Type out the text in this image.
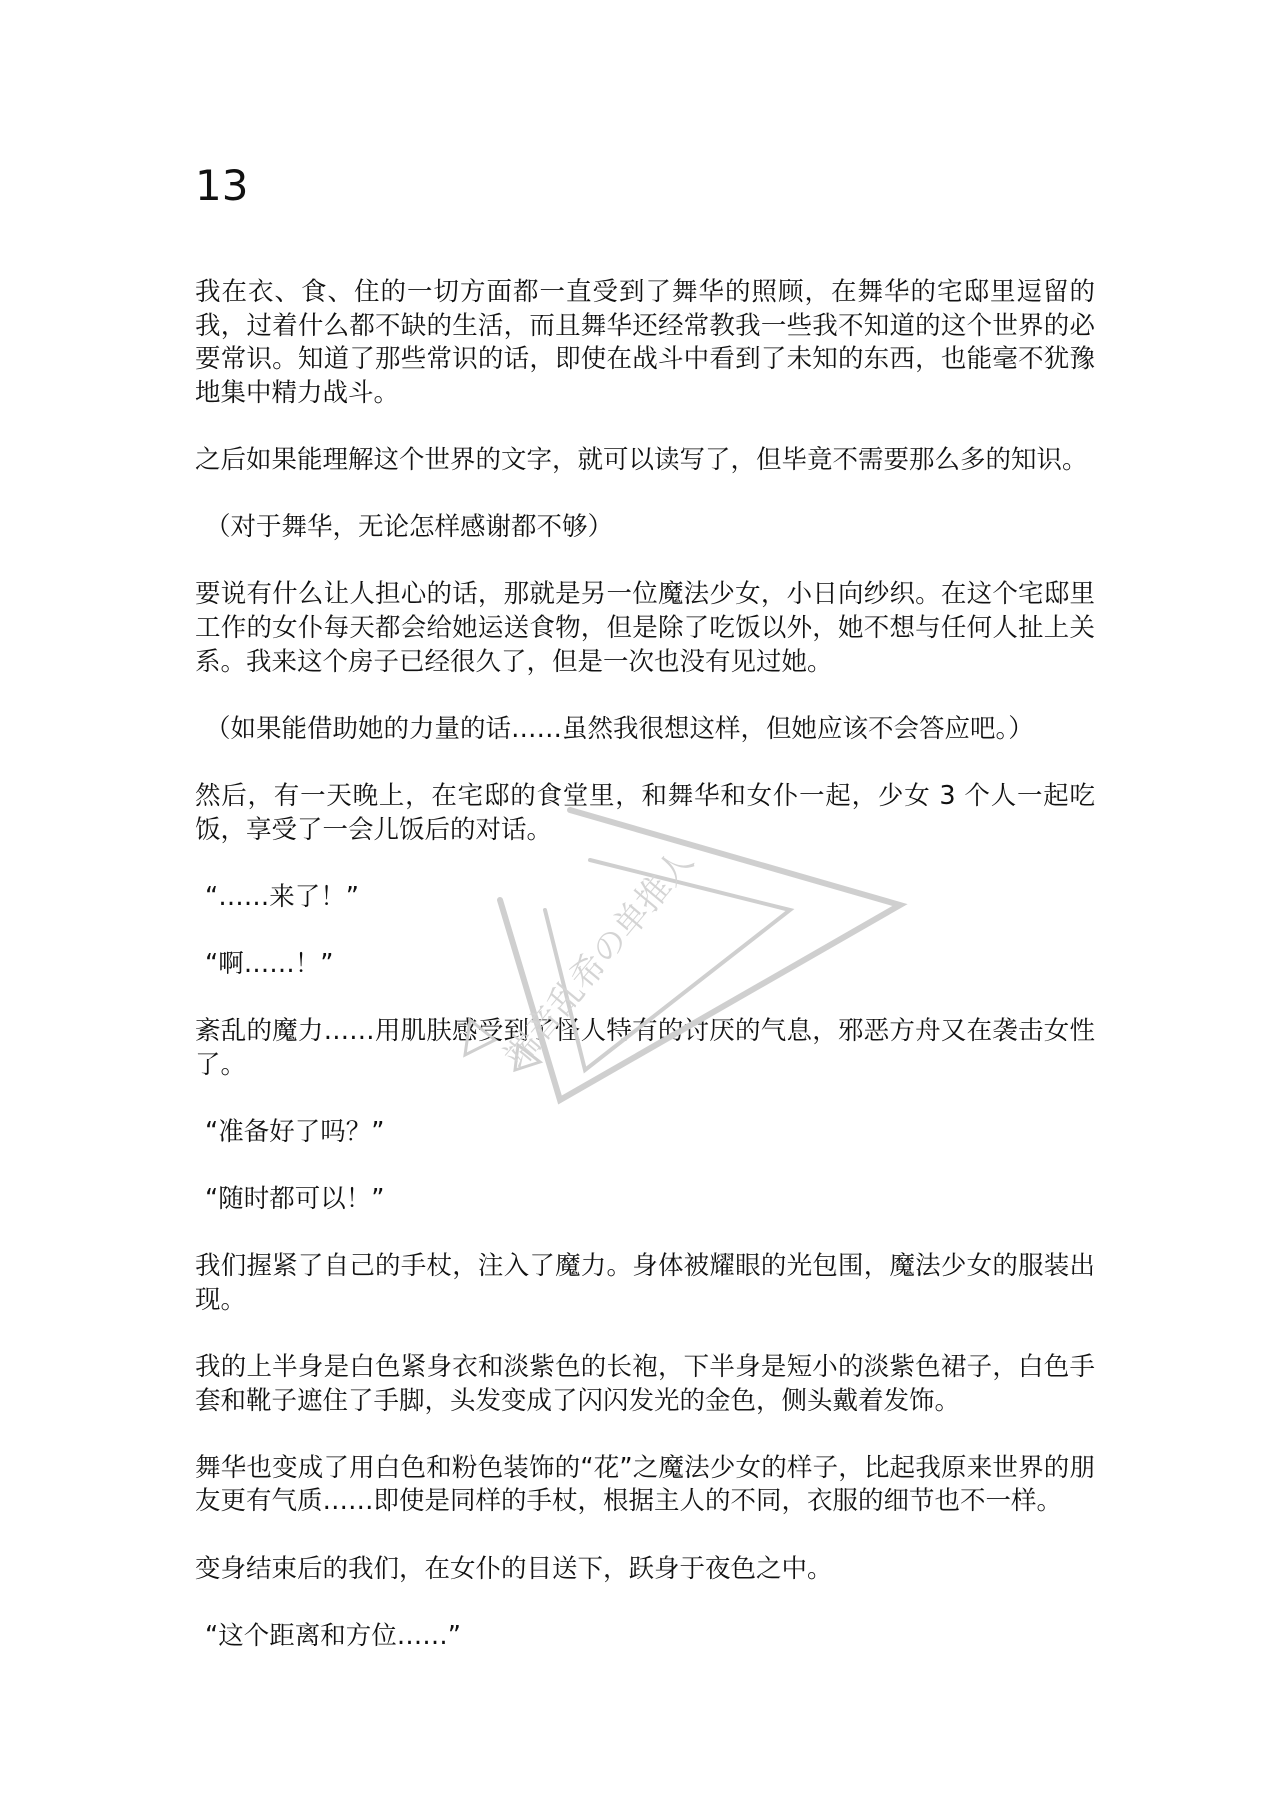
13

我在衣、食、住的一切方面都一直受到了舞华的照顾，在舞华的宅邸里逗留的我，过着什么都不缺的生活，而且舞华还经常教我一些我不知道的这个世界的必要常识。知道了那些常识的话，即使在战斗中看到了未知的东西，也能毫不犹豫地集中精力战斗。

之后如果能理解这个世界的文字，就可以读写了，但毕竟不需要那么多的知识。

（对于舞华，无论怎样感谢都不够）

要说有什么让人担心的话，那就是另一位魔法少女，小日向纱织。在这个宅邸里工作的女仆每天都会给她运送食物，但是除了吃饭以外，她不想与任何人扯上关系。我来这个房子已经很久了，但是一次也没有见过她。

（如果能借助她的力量的话……虽然我很想这样，但她应该不会答应吧。）

然后，有一天晚上，在宅邸的食堂里，和舞华和女仆一起，少女 3 个人一起吃饭，享受了一会儿饭后的对话。

“……来了！”

“啊……！”

紊乱的魔力……用肌肤感受到了怪人特有的讨厌的气息，邪恶方舟又在袭击女性了。

“准备好了吗？”

“随时都可以！”

我们握紧了自己的手杖，注入了魔力。身体被耀眼的光包围，魔法少女的服装出现。

我的上半身是白色紧身衣和淡紫色的长袍，下半身是短小的淡紫色裙子，白色手套和靴子遮住了手脚，头发变成了闪闪发光的金色，侧头戴着发饰。

舞华也变成了用白色和粉色装饰的“花”之魔法少女的样子，比起我原来世界的朋友更有气质……即使是同样的手杖，根据主人的不同，衣服的细节也不一样。

变身结束后的我们，在女仆的目送下，跃身于夜色之中。

“这个距离和方位……”

端音乱希の单推人
